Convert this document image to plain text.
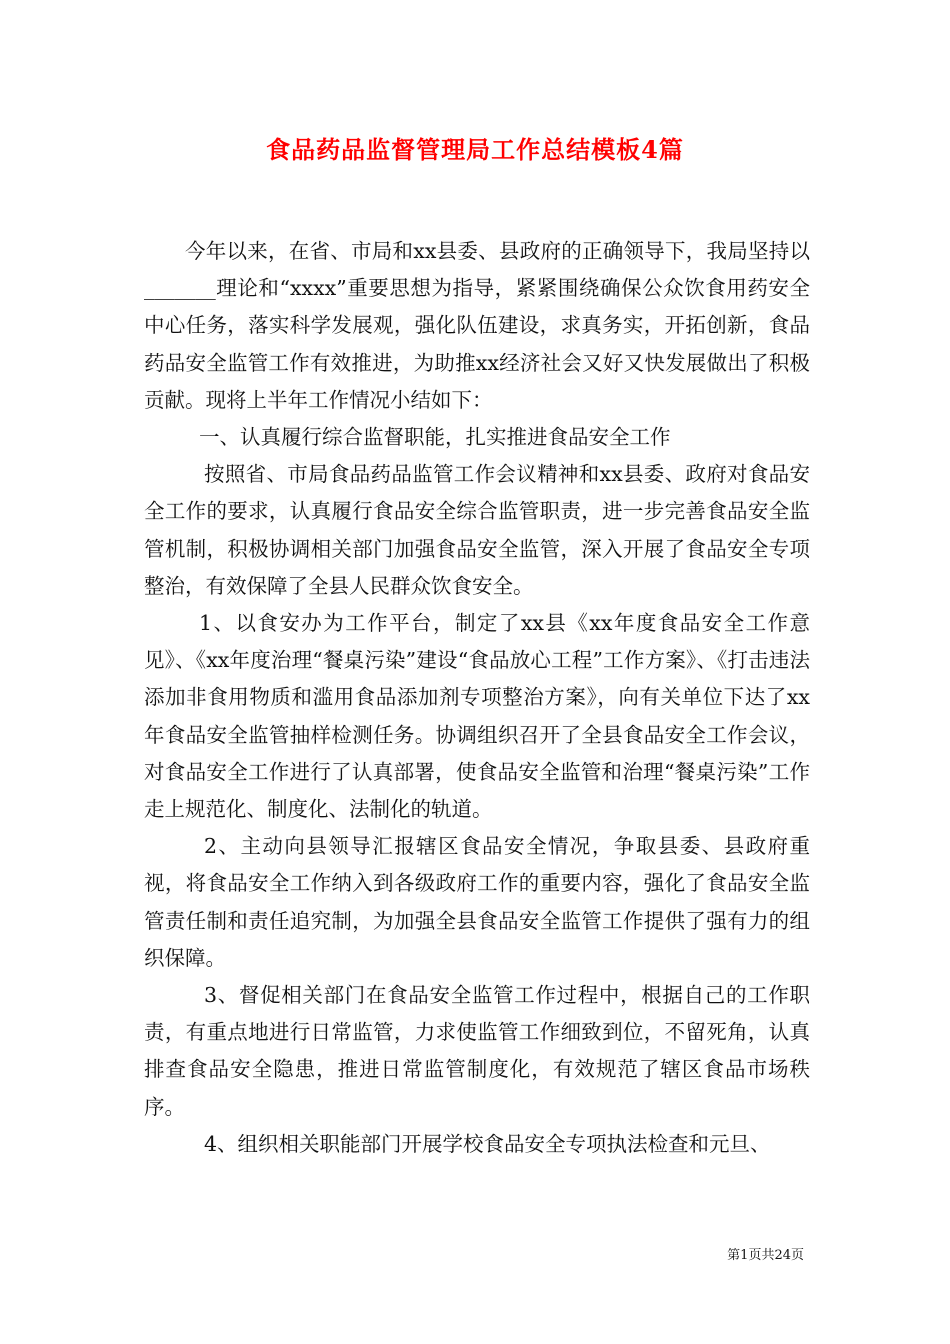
食品药品监督管理局工作总结模板4篇

今年以来，在省、市局和xx县委、县政府的正确领导下，我局坚持以_______理论和“xxxx”重要思想为指导，紧紧围绕确保公众饮食用药安全中心任务，落实科学发展观，强化队伍建设，求真务实，开拓创新，食品药品安全监管工作有效推进，为助推xx经济社会又好又快发展做出了积极贡献。现将上半年工作情况小结如下：

一、认真履行综合监督职能，扎实推进食品安全工作

按照省、市局食品药品监管工作会议精神和xx县委、政府对食品安全工作的要求，认真履行食品安全综合监管职责，进一步完善食品安全监管机制，积极协调相关部门加强食品安全监管，深入开展了食品安全专项整治，有效保障了全县人民群众饮食安全。

1、以食安办为工作平台，制定了xx县《xx年度食品安全工作意见》、《xx年度治理“餐桌污染”建设“食品放心工程”工作方案》、《打击违法添加非食用物质和滥用食品添加剂专项整治方案》，向有关单位下达了xx年食品安全监管抽样检测任务。协调组织召开了全县食品安全工作会议，对食品安全工作进行了认真部署，使食品安全监管和治理“餐桌污染”工作走上规范化、制度化、法制化的轨道。

2、主动向县领导汇报辖区食品安全情况，争取县委、县政府重视，将食品安全工作纳入到各级政府工作的重要内容，强化了食品安全监管责任制和责任追究制，为加强全县食品安全监管工作提供了强有力的组织保障。

3、督促相关部门在食品安全监管工作过程中，根据自己的工作职责，有重点地进行日常监管，力求使监管工作细致到位，不留死角，认真排查食品安全隐患，推进日常监管制度化，有效规范了辖区食品市场秩序。

4、组织相关职能部门开展学校食品安全专项执法检查和元旦、

第1页共24页
